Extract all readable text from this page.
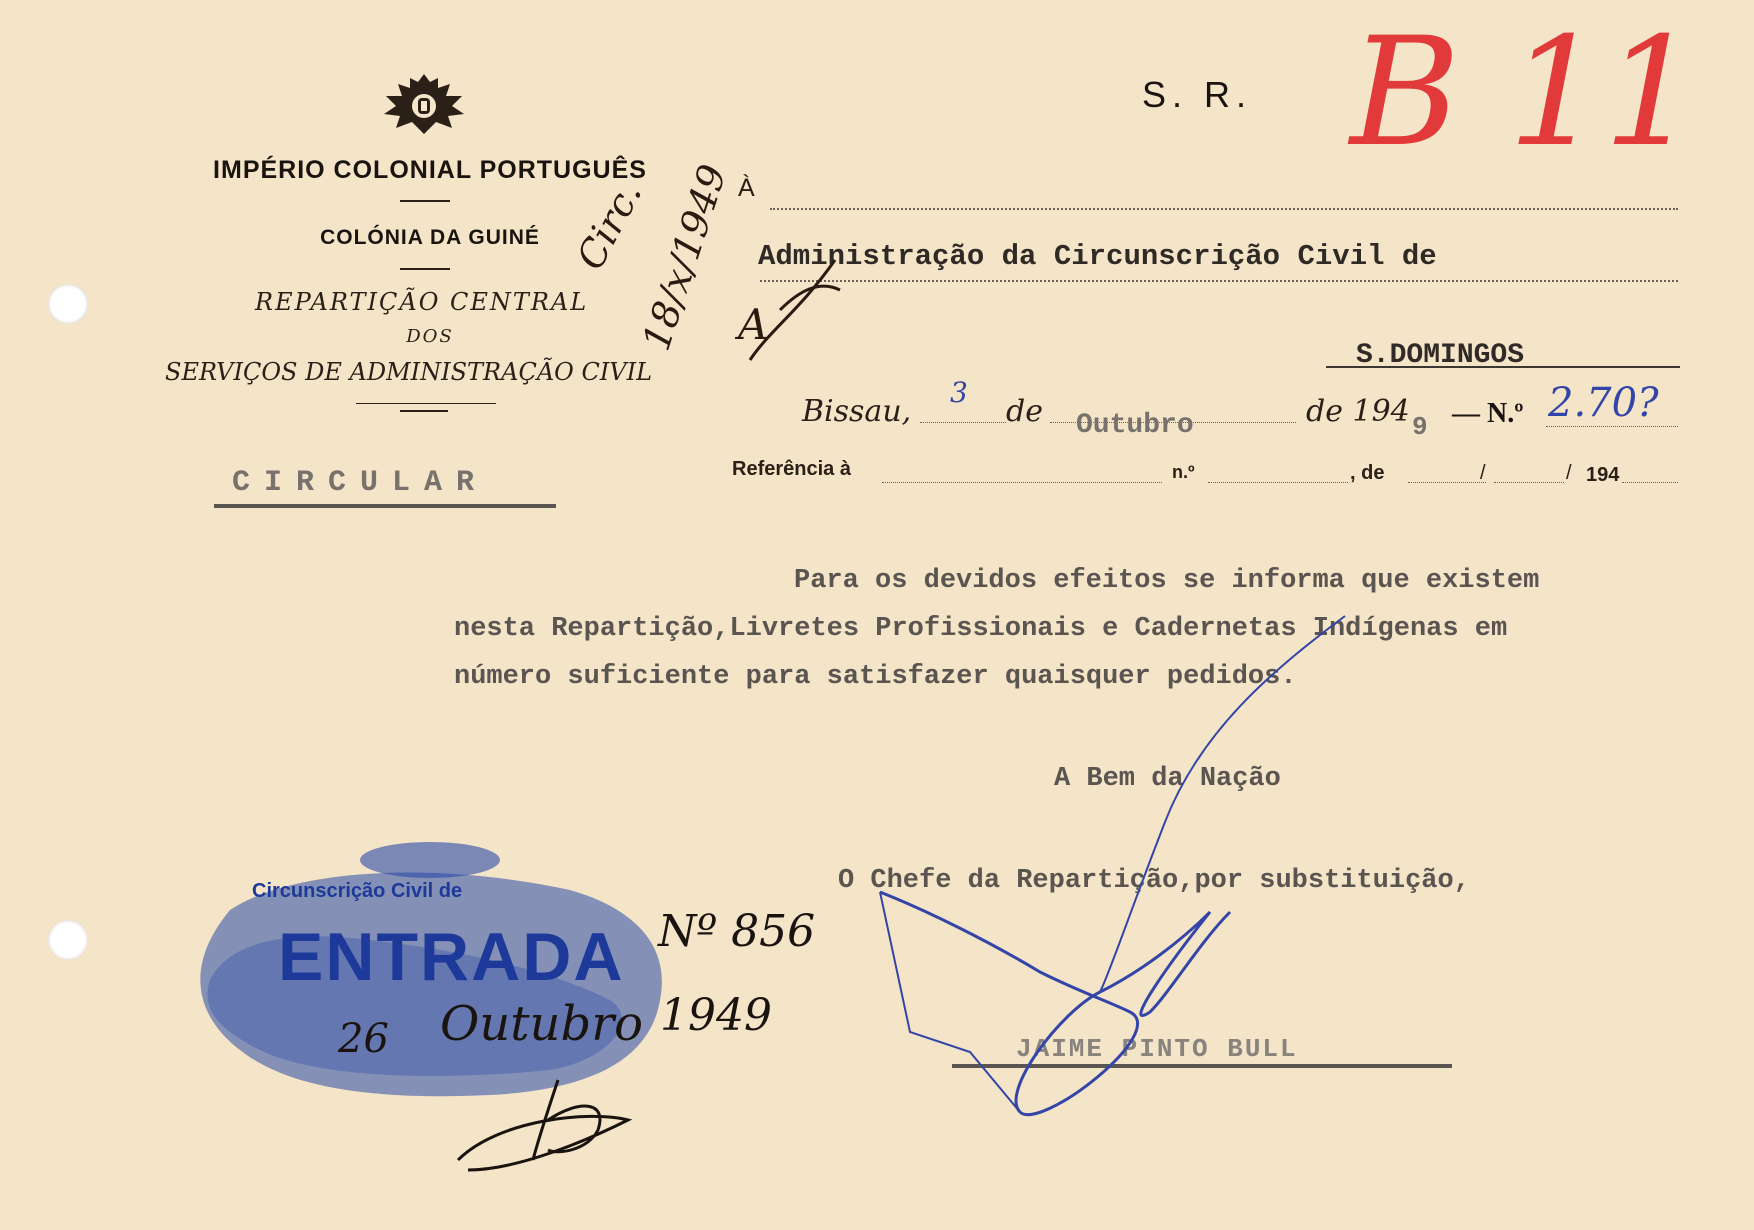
IMPÉRIO COLONIAL PORTUGUÊS
COLÓNIA DA GUINÉ
REPARTIÇÃO CENTRAL
DOS
SERVIÇOS DE ADMINISTRAÇÃO CIVIL
CIRCULAR
S. R. B 11
À
Administração da Circunscrição Civil de
S.DOMINGOS
Bissau,
3
de Outubro	de 194 9 — N.º 2.70?
Referência à	n.º	, de	/	/ 194
Circ.
18/x/1949 A
Para os devidos efeitos se informa que existem
nesta Repartição,Livretes Profissionais e Cadernetas Indígenas em
número suficiente para satisfazer quaisquer pedidos.
A Bem da Nação
O Chefe da Repartição,por substituição,
JAIME PINTO BULL
Circunscrição Civil de
ENTRADA Nº 856
26 Outubro 1949
